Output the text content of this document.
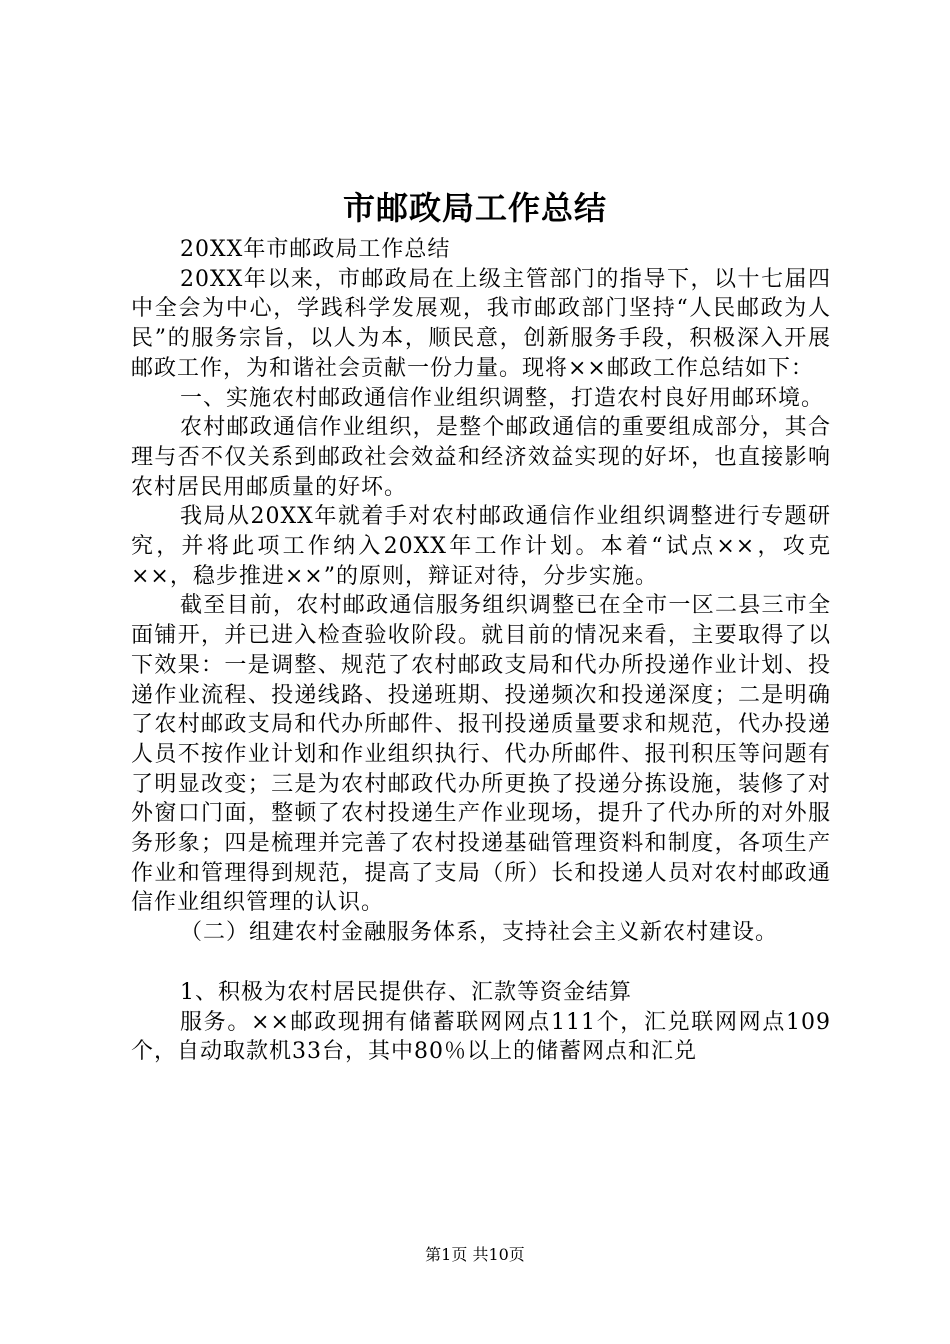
市邮政局工作总结

20XX年市邮政局工作总结

20XX年以来，市邮政局在上级主管部门的指导下，以十七届四中全会为中心，学践科学发展观，我市邮政部门坚持“人民邮政为人民”的服务宗旨，以人为本，顺民意，创新服务手段，积极深入开展邮政工作，为和谐社会贡献一份力量。现将××邮政工作总结如下：

一、实施农村邮政通信作业组织调整，打造农村良好用邮环境。

农村邮政通信作业组织，是整个邮政通信的重要组成部分，其合理与否不仅关系到邮政社会效益和经济效益实现的好坏，也直接影响农村居民用邮质量的好坏。

我局从20XX年就着手对农村邮政通信作业组织调整进行专题研究，并将此项工作纳入20XX年工作计划。本着“试点××，攻克××，稳步推进××”的原则，辩证对待，分步实施。

截至目前，农村邮政通信服务组织调整已在全市一区二县三市全面铺开，并已进入检查验收阶段。就目前的情况来看，主要取得了以下效果：一是调整、规范了农村邮政支局和代办所投递作业计划、投递作业流程、投递线路、投递班期、投递频次和投递深度；二是明确了农村邮政支局和代办所邮件、报刊投递质量要求和规范，代办投递人员不按作业计划和作业组织执行、代办所邮件、报刊积压等问题有了明显改变；三是为农村邮政代办所更换了投递分拣设施，装修了对外窗口门面，整顿了农村投递生产作业现场，提升了代办所的对外服务形象；四是梳理并完善了农村投递基础管理资料和制度，各项生产作业和管理得到规范，提高了支局（所）长和投递人员对农村邮政通信作业组织管理的认识。

（二）组建农村金融服务体系，支持社会主义新农村建设。

1、积极为农村居民提供存、汇款等资金结算

服务。××邮政现拥有储蓄联网网点111个，汇兑联网网点109个，自动取款机33台，其中80％以上的储蓄网点和汇兑

第1页 共10页
